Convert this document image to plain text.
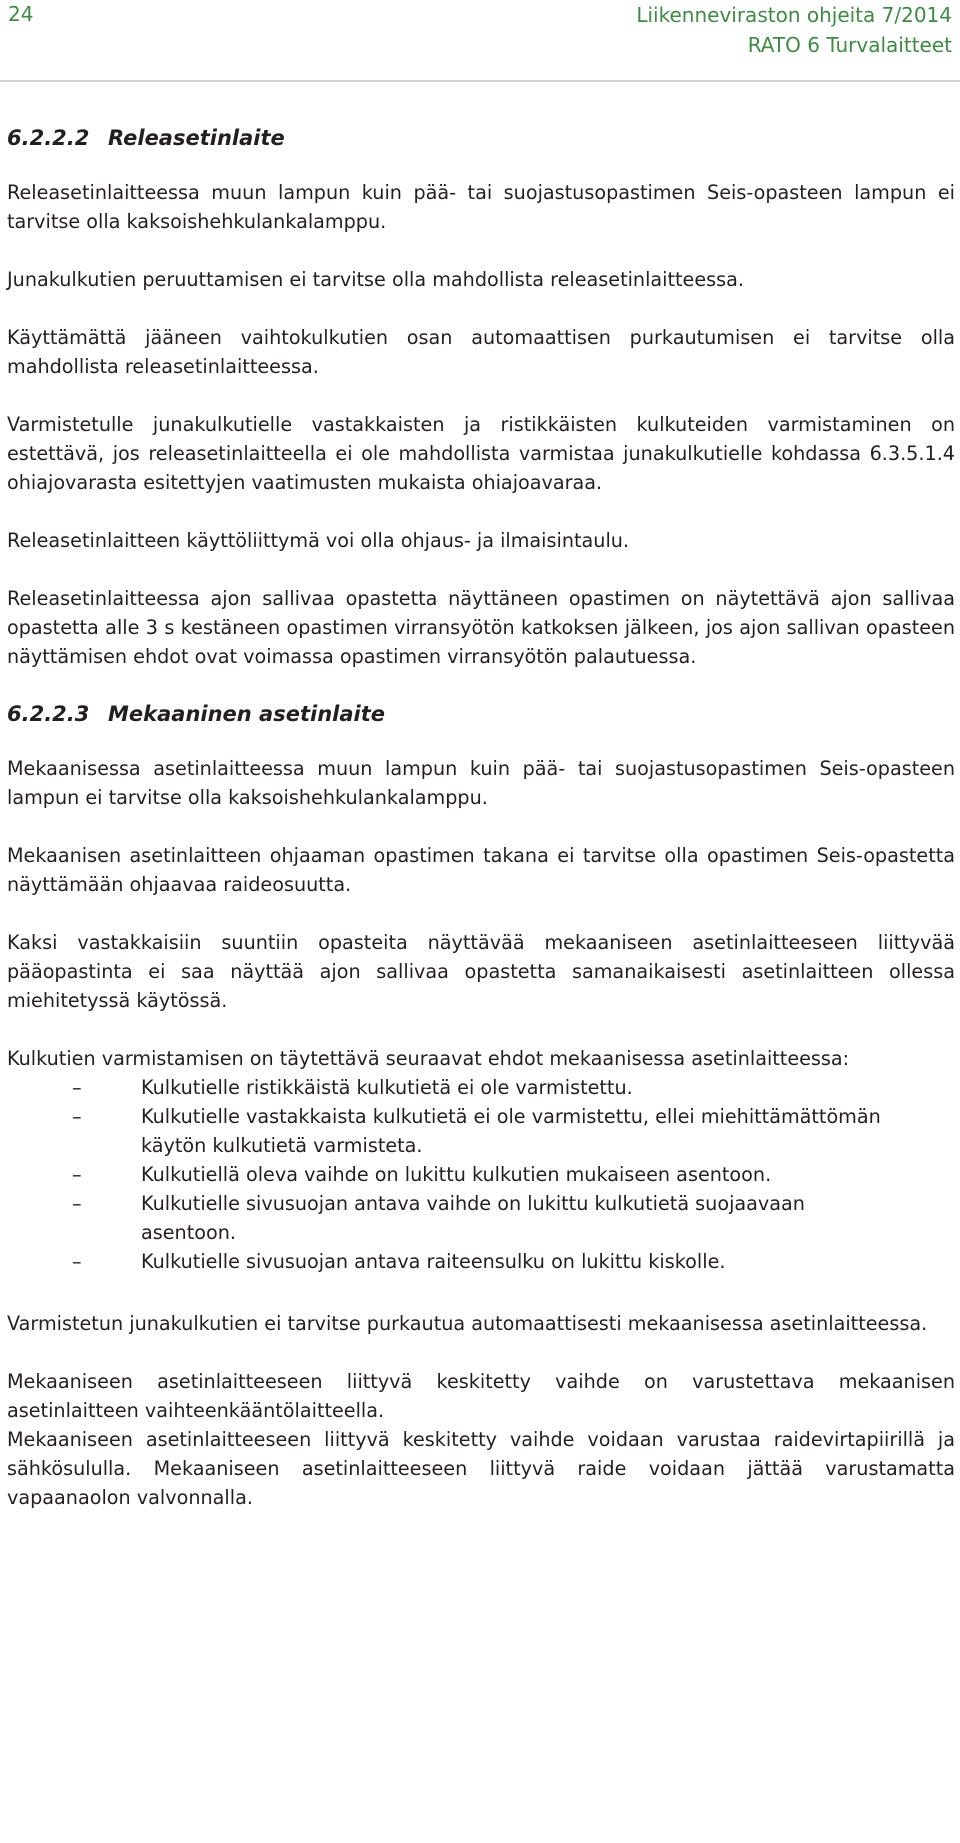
24	Liikenneviraston ohjeita 7/2014
RATO 6 Turvalaitteet
6.2.2.2 Releasetinlaite

Releasetinlaitteessa muun lampun kuin pää- tai suojastusopastimen Seis-opasteen lampun ei tarvitse olla kaksoishehkulankalamppu.

Junakulkutien peruuttamisen ei tarvitse olla mahdollista releasetinlaitteessa.

Käyttämättä jääneen vaihtokulkutien osan automaattisen purkautumisen ei tarvitse olla mahdollista releasetinlaitteessa.

Varmistetulle junakulkutielle vastakkaisten ja ristikkäisten kulkuteiden varmistaminen on estettävä, jos releasetinlaitteella ei ole mahdollista varmistaa junakulkutielle kohdassa 6.3.5.1.4 ohiajovarasta esitettyjen vaatimusten mukaista ohiajoavaraa.

Releasetinlaitteen käyttöliittymä voi olla ohjaus- ja ilmaisintaulu.

Releasetinlaitteessa ajon sallivaa opastetta näyttäneen opastimen on näytettävä ajon sallivaa opastetta alle 3 s kestäneen opastimen virransyötön katkoksen jälkeen, jos ajon sallivan opasteen näyttämisen ehdot ovat voimassa opastimen virransyötön palautuessa.

6.2.2.3 Mekaaninen asetinlaite

Mekaanisessa asetinlaitteessa muun lampun kuin pää- tai suojastusopastimen Seis-opasteen lampun ei tarvitse olla kaksoishehkulankalamppu.

Mekaanisen asetinlaitteen ohjaaman opastimen takana ei tarvitse olla opastimen Seis-opastetta näyttämään ohjaavaa raideosuutta.

Kaksi vastakkaisiin suuntiin opasteita näyttävää mekaaniseen asetinlaitteeseen liittyvää pääopastinta ei saa näyttää ajon sallivaa opastetta samanaikaisesti asetinlaitteen ollessa miehitetyssä käytössä.

Kulkutien varmistamisen on täytettävä seuraavat ehdot mekaanisessa asetinlaitteessa:

–	Kulkutielle ristikkäistä kulkutietä ei ole varmistettu.
–	Kulkutielle vastakkaista kulkutietä ei ole varmistettu, ellei miehittämättömän käytön kulkutietä varmisteta.
–	Kulkutiellä oleva vaihde on lukittu kulkutien mukaiseen asentoon.
–	Kulkutielle sivusuojan antava vaihde on lukittu kulkutietä suojaavaan asentoon.
–	Kulkutielle sivusuojan antava raiteensulku on lukittu kiskolle.

Varmistetun junakulkutien ei tarvitse purkautua automaattisesti mekaanisessa asetinlaitteessa.

Mekaaniseen asetinlaitteeseen liittyvä keskitetty vaihde on varustettava mekaanisen asetinlaitteen vaihteenkääntölaitteella.

Mekaaniseen asetinlaitteeseen liittyvä keskitetty vaihde voidaan varustaa raidevirtapiirillä ja sähkösululla. Mekaaniseen asetinlaitteeseen liittyvä raide voidaan jättää varustamatta vapaanaolon valvonnalla.
